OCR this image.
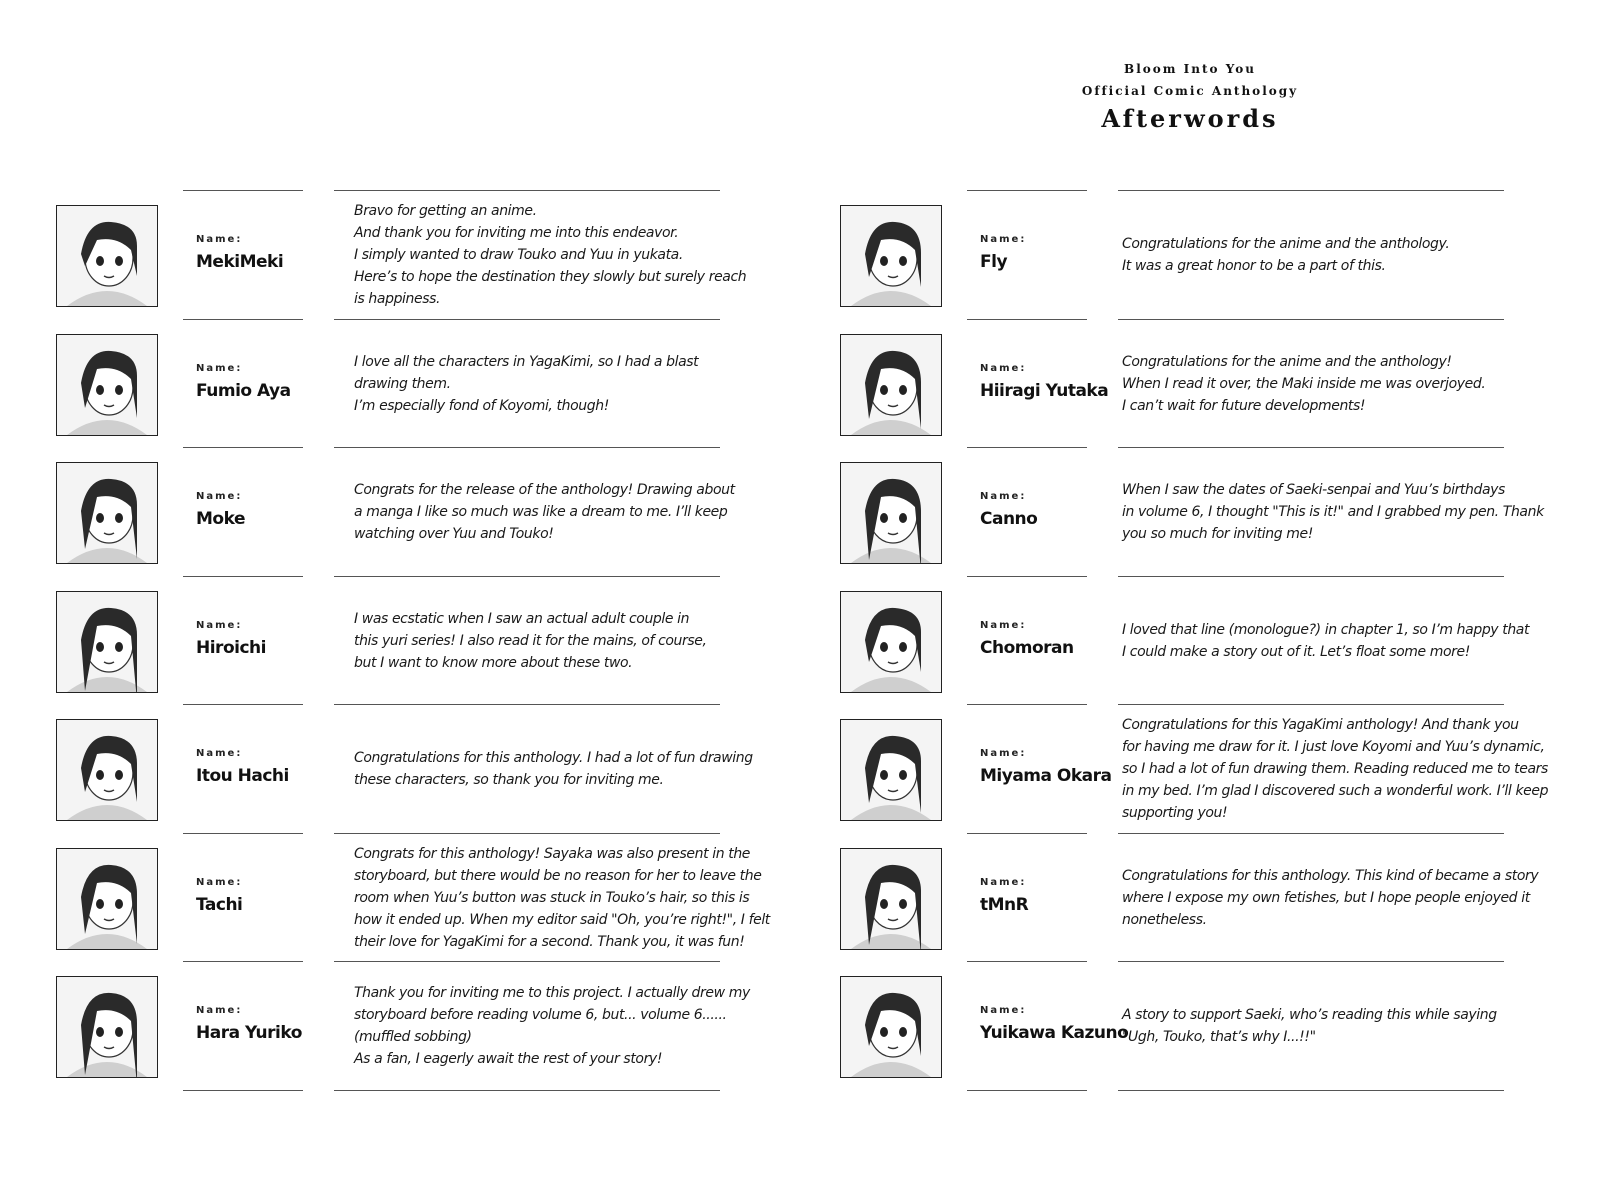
Bloom Into You
Official Comic Anthology
Afterwords
Name:
MekiMeki
Bravo for getting an anime.
And thank you for inviting me into this endeavor.
I simply wanted to draw Touko and Yuu in yukata.
Here’s to hope the destination they slowly but surely reach
is happiness.
Name:
Fumio Aya
I love all the characters in YagaKimi, so I had a blast
drawing them.
I’m especially fond of Koyomi, though!
Name:
Moke
Congrats for the release of the anthology! Drawing about
a manga I like so much was like a dream to me. I’ll keep
watching over Yuu and Touko!
Name:
Hiroichi
I was ecstatic when I saw an actual adult couple in
this yuri series! I also read it for the mains, of course,
but I want to know more about these two.
Name:
Itou Hachi
Congratulations for this anthology. I had a lot of fun drawing
these characters, so thank you for inviting me.
Name:
Tachi
Congrats for this anthology! Sayaka was also present in the
storyboard, but there would be no reason for her to leave the
room when Yuu’s button was stuck in Touko’s hair, so this is
how it ended up. When my editor said "Oh, you’re right!", I felt
their love for YagaKimi for a second. Thank you, it was fun!
Name:
Hara Yuriko
Thank you for inviting me to this project. I actually drew my
storyboard before reading volume 6, but... volume 6......
(muffled sobbing)
As a fan, I eagerly await the rest of your story!
Name:
Fly
Congratulations for the anime and the anthology.
It was a great honor to be a part of this.
Name:
Hiiragi Yutaka
Congratulations for the anime and the anthology!
When I read it over, the Maki inside me was overjoyed.
I can’t wait for future developments!
Name:
Canno
When I saw the dates of Saeki-senpai and Yuu’s birthdays
in volume 6, I thought "This is it!" and I grabbed my pen. Thank
you so much for inviting me!
Name:
Chomoran
I loved that line (monologue?) in chapter 1, so I’m happy that
I could make a story out of it. Let’s float some more!
Name:
Miyama Okara
Congratulations for this YagaKimi anthology! And thank you
for having me draw for it. I just love Koyomi and Yuu’s dynamic,
so I had a lot of fun drawing them. Reading reduced me to tears
in my bed. I’m glad I discovered such a wonderful work. I’ll keep
supporting you!
Name:
tMnR
Congratulations for this anthology. This kind of became a story
where I expose my own fetishes, but I hope people enjoyed it
nonetheless.
Name:
Yuikawa Kazuno
A story to support Saeki, who’s reading this while saying
"Ugh, Touko, that’s why I...!!"
